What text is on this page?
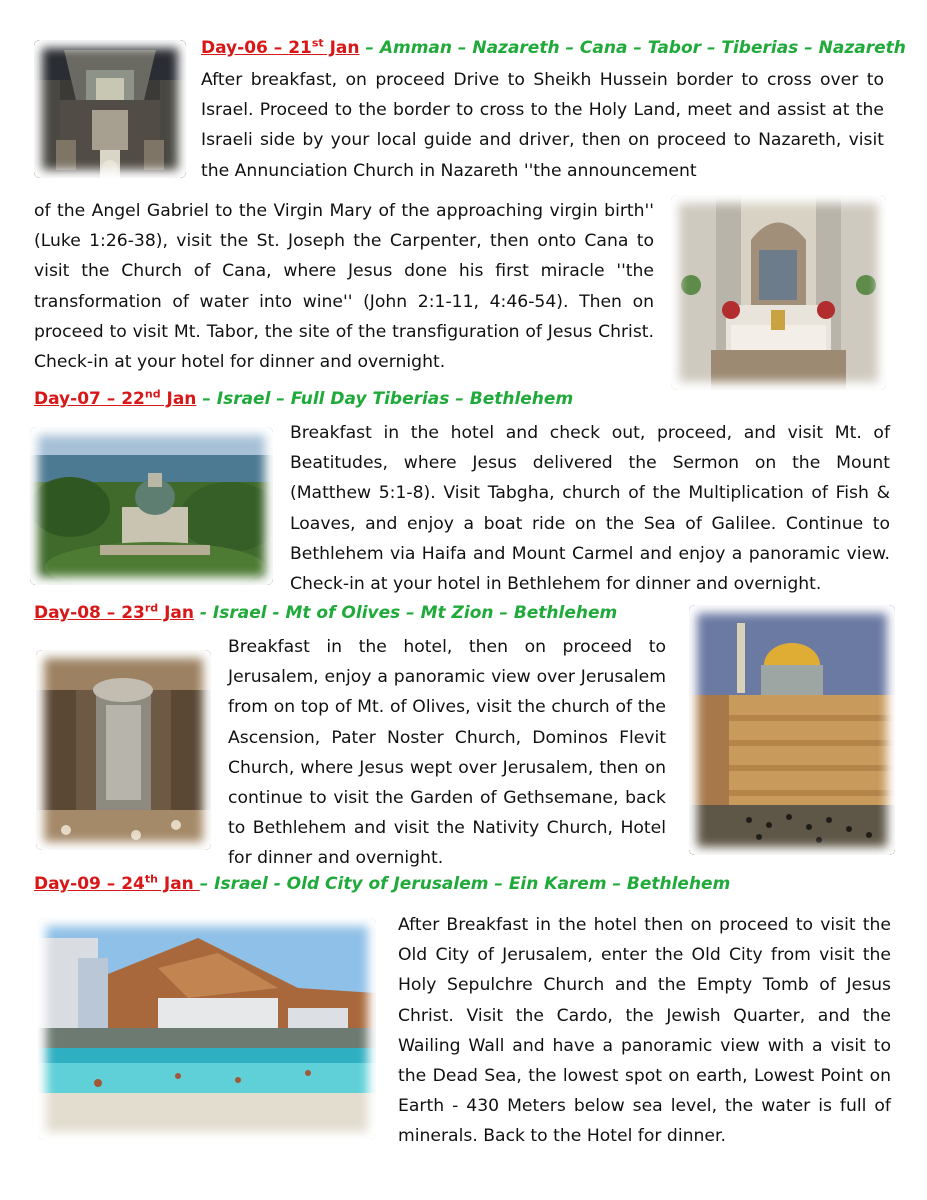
Day-06 – 21st Jan – Amman – Nazareth – Cana – Tabor – Tiberias – Nazareth
After breakfast, on proceed Drive to Sheikh Hussein border to cross over to Israel. Proceed to the border to cross to the Holy Land, meet and assist at the Israeli side by your local guide and driver, then on proceed to Nazareth, visit the Annunciation Church in Nazareth ''the announcement
of the Angel Gabriel to the Virgin Mary of the approaching virgin birth'' (Luke 1:26-38), visit the St. Joseph the Carpenter, then onto Cana to visit the Church of Cana, where Jesus done his first miracle ''the transformation of water into wine'' (John 2:1-11, 4:46-54). Then on proceed to visit Mt. Tabor, the site of the transfiguration of Jesus Christ. Check-in at your hotel for dinner and overnight.
Day-07 – 22nd Jan – Israel – Full Day Tiberias – Bethlehem
Breakfast in the hotel and check out, proceed, and visit Mt. of Beatitudes, where Jesus delivered the Sermon on the Mount (Matthew 5:1-8). Visit Tabgha, church of the Multiplication of Fish & Loaves, and enjoy a boat ride on the Sea of Galilee. Continue to Bethlehem via Haifa and Mount Carmel and enjoy a panoramic view. Check-in at your hotel in Bethlehem for dinner and overnight.
Day-08 – 23rd Jan - Israel - Mt of Olives – Mt Zion – Bethlehem
Breakfast in the hotel, then on proceed to Jerusalem, enjoy a panoramic view over Jerusalem from on top of Mt. of Olives, visit the church of the Ascension, Pater Noster Church, Dominos Flevit Church, where Jesus wept over Jerusalem, then on continue to visit the Garden of Gethsemane, back to Bethlehem and visit the Nativity Church, Hotel for dinner and overnight.
Day-09 – 24th Jan – Israel - Old City of Jerusalem – Ein Karem – Bethlehem
After Breakfast in the hotel then on proceed to visit the Old City of Jerusalem, enter the Old City from visit the Holy Sepulchre Church and the Empty Tomb of Jesus Christ. Visit the Cardo, the Jewish Quarter, and the Wailing Wall and have a panoramic view with a visit to the Dead Sea, the lowest spot on earth, Lowest Point on Earth - 430 Meters below sea level, the water is full of minerals. Back to the Hotel for dinner.
